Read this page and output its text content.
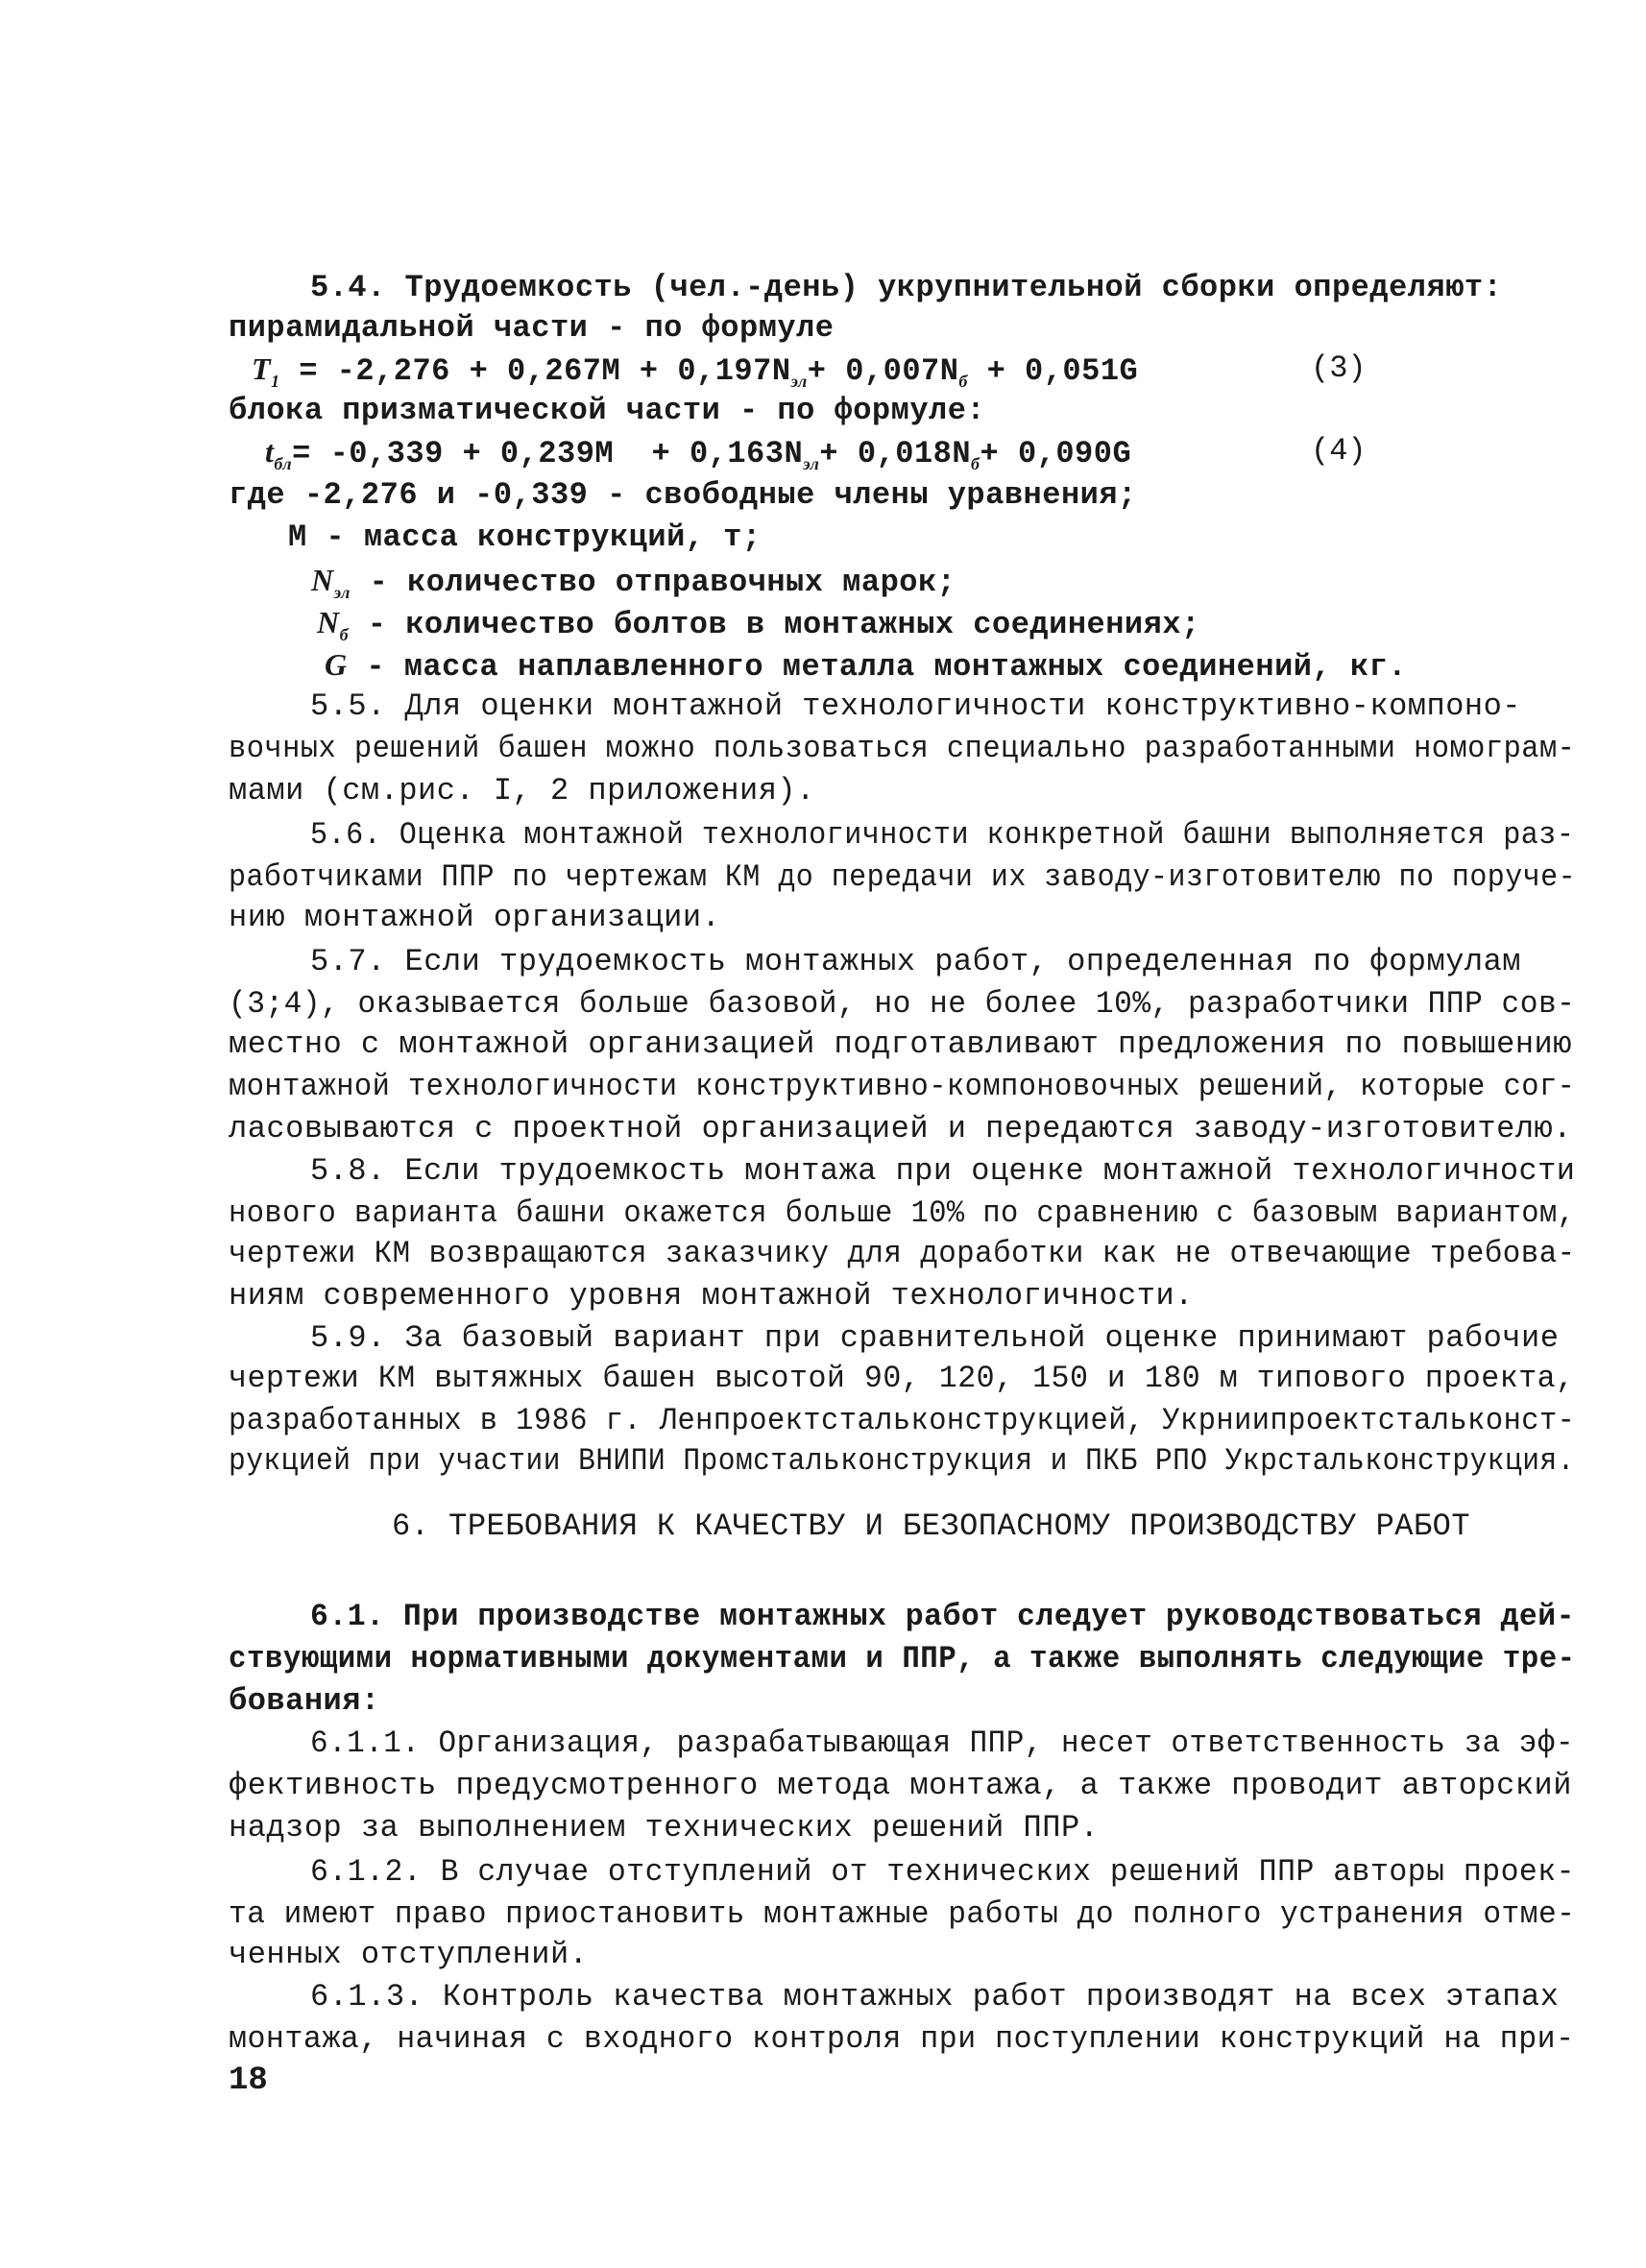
5.4. Трудоемкость (чел.-день) укрупнительной сборки определяют:
пирамидальной части - по формуле
$T_1 = -2,276 + 0,267M + 0,197N_{эл}+ 0,007N_б + 0,051G$	(3)
блока призматической части - по формуле:
$t_{бл}= -0,339 + 0,239M + 0,163N_{эл}+ 0,018N_б+ 0,090G$	(4)
где -2,276 и -0,339 - свободные члены уравнения;
М - масса конструкций, т;
$N_{эл}$ - количество отправочных марок;
$N_б$ - количество болтов в монтажных соединениях;
G - масса наплавленного металла монтажных соединений, кг.
5.5. Для оценки монтажной технологичности конструктивно-компоно-
вочных решений башен можно пользоваться специально разработанными номограм-
мами (см.рис. I, 2 приложения).
5.6. Оценка монтажной технологичности конкретной башни выполняется раз-
работчиками ППР по чертежам КМ до передачи их заводу-изготовителю по поруче-
нию монтажной организации.
5.7. Если трудоемкость монтажных работ, определенная по формулам
(3;4), оказывается больше базовой, но не более 10%, разработчики ППР сов-
местно с монтажной организацией подготавливают предложения по повышению
монтажной технологичности конструктивно-компоновочных решений, которые сог-
ласовываются с проектной организацией и передаются заводу-изготовителю.
5.8. Если трудоемкость монтажа при оценке монтажной технологичности
нового варианта башни окажется больше 10% по сравнению с базовым вариантом,
чертежи КМ возвращаются заказчику для доработки как не отвечающие требова-
ниям современного уровня монтажной технологичности.
5.9. За базовый вариант при сравнительной оценке принимают рабочие
чертежи КМ вытяжных башен высотой 90, 120, 150 и 180 м типового проекта,
разработанных в 1986 г. Ленпроектстальконструкцией, Укрниипроектстальконст-
рукцией при участии ВНИПИ Промстальконструкция и ПКБ РПО Укрстальконструкция.
6. ТРЕБОВАНИЯ К КАЧЕСТВУ И БЕЗОПАСНОМУ ПРОИЗВОДСТВУ РАБОТ
6.1. При производстве монтажных работ следует руководствоваться дей-
ствующими нормативными документами и ППР, а также выполнять следующие тре-
бования:
6.1.1. Организация, разрабатывающая ППР, несет ответственность за эф-
фективность предусмотренного метода монтажа, а также проводит авторский
надзор за выполнением технических решений ППР.
6.1.2. В случае отступлений от технических решений ППР авторы проек-
та имеют право приостановить монтажные работы до полного устранения отме-
ченных отступлений.
6.1.3. Контроль качества монтажных работ производят на всех этапах
монтажа, начиная с входного контроля при поступлении конструкций на при-
18
